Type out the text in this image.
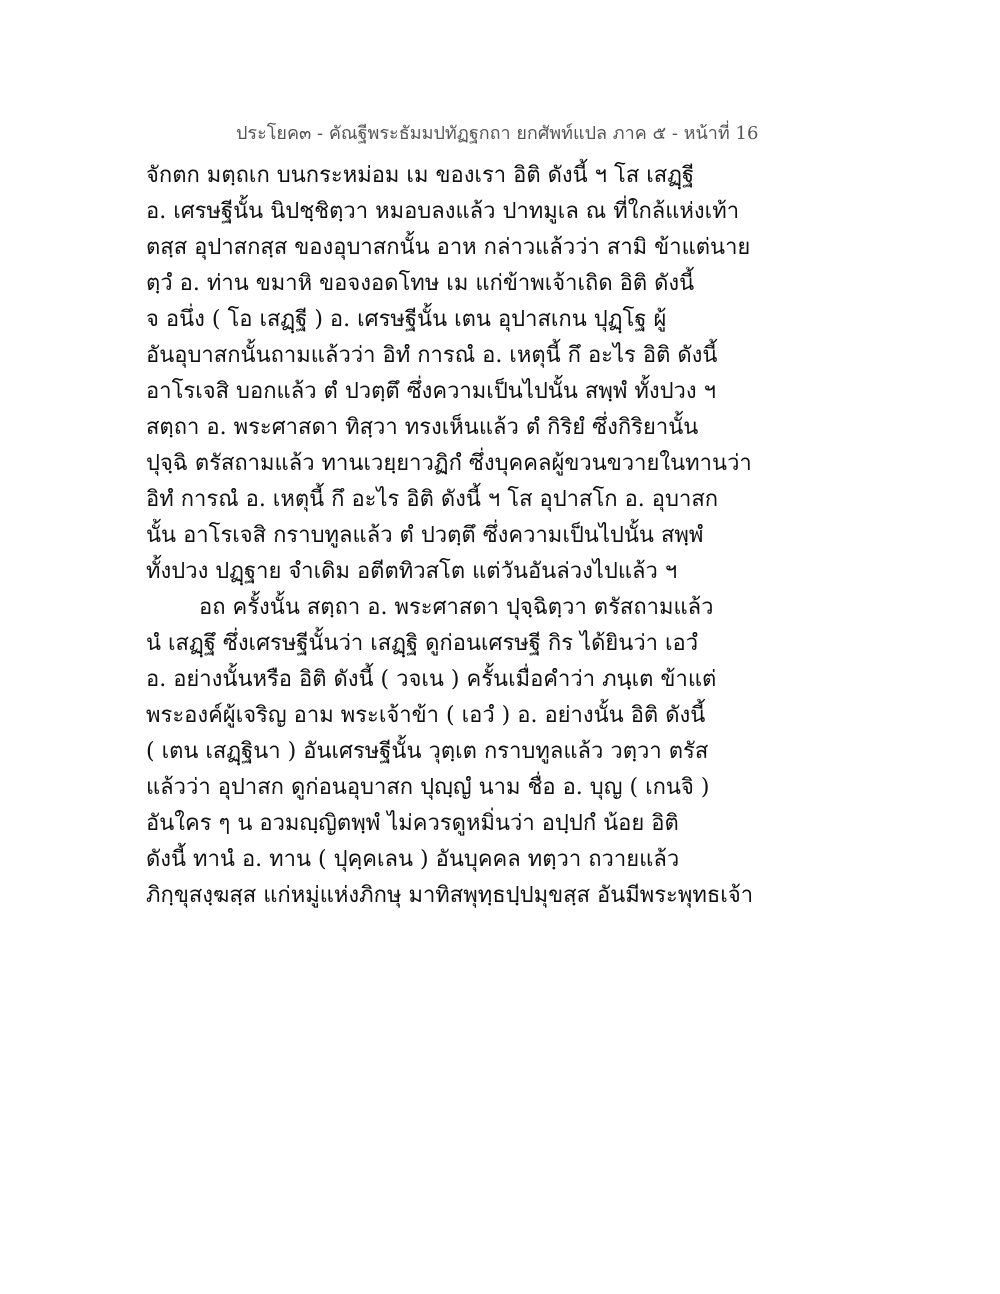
ประโยค๓ - คัณฐีพระธัมมปทัฏฐกถา ยกศัพท์แปล ภาค ๕ - หน้าที่ 16
จักตก มตฺถเก บนกระหม่อม เม ของเรา อิติ ดังนี้ ฯ โส เสฏฺฐี
อ. เศรษฐีนั้น นิปชฺชิตฺวา หมอบลงแล้ว ปาทมูเล ณ ที่ใกล้แห่งเท้า
ตสฺส อุปาสกสฺส ของอุบาสกนั้น อาห กล่าวแล้วว่า สามิ ข้าแต่นาย
ตฺวํ อ. ท่าน ขมาหิ ขอจงอดโทษ เม แก่ข้าพเจ้าเถิด อิติ ดังนี้
จ อนึ่ง ( โอ เสฏฺฐี ) อ. เศรษฐีนั้น เตน อุปาสเกน ปุฏฺโฐ ผู้
อันอุบาสกนั้นถามแล้วว่า อิทํ การณํ อ. เหตุนี้ กึ อะไร อิติ ดังนี้
อาโรเจสิ บอกแล้ว ตํ ปวตฺตึ ซึ่งความเป็นไปนั้น สพฺพํ ทั้งปวง ฯ
สตฺถา อ. พระศาสดา ทิสฺวา ทรงเห็นแล้ว ตํ กิริยํ ซึ่งกิริยานั้น
ปุจฺฉิ ตรัสถามแล้ว ทานเวยฺยาวฏิกํ ซึ่งบุคคลผู้ขวนขวายในทานว่า
อิทํ การณํ อ. เหตุนี้ กึ อะไร อิติ ดังนี้ ฯ โส อุปาสโก อ. อุบาสก
นั้น อาโรเจสิ กราบทูลแล้ว ตํ ปวตฺตึ ซึ่งความเป็นไปนั้น สพฺพํ
ทั้งปวง ปฏฺฐาย จำเดิม อตีตทิวสโต แต่วันอันล่วงไปแล้ว ฯ
อถ ครั้งนั้น สตฺถา อ. พระศาสดา ปุจฺฉิตฺวา ตรัสถามแล้ว
นํ เสฏฺฐึ ซึ่งเศรษฐีนั้นว่า เสฏฺฐิ ดูก่อนเศรษฐี กิร ได้ยินว่า เอวํ
อ. อย่างนั้นหรือ อิติ ดังนี้ ( วจเน ) ครั้นเมื่อคำว่า ภนฺเต ข้าแต่
พระองค์ผู้เจริญ อาม พระเจ้าข้า ( เอวํ ) อ. อย่างนั้น อิติ ดังนี้
( เตน เสฏฺฐินา ) อันเศรษฐีนั้น วุตฺเต กราบทูลแล้ว วตฺวา ตรัส
แล้วว่า อุปาสก ดูก่อนอุบาสก ปุญฺญํ นาม ชื่อ อ. บุญ ( เกนจิ )
อันใคร ๆ น อวมญฺญิตพฺพํ ไม่ควรดูหมิ่นว่า อปฺปกํ น้อย อิติ
ดังนี้ ทานํ อ. ทาน ( ปุคฺคเลน ) อันบุคคล ทตฺวา ถวายแล้ว
ภิกฺขุสงฺฆสฺส แก่หมู่แห่งภิกษุ มาทิสพุทฺธปฺปมุขสฺส อันมีพระพุทธเจ้า
